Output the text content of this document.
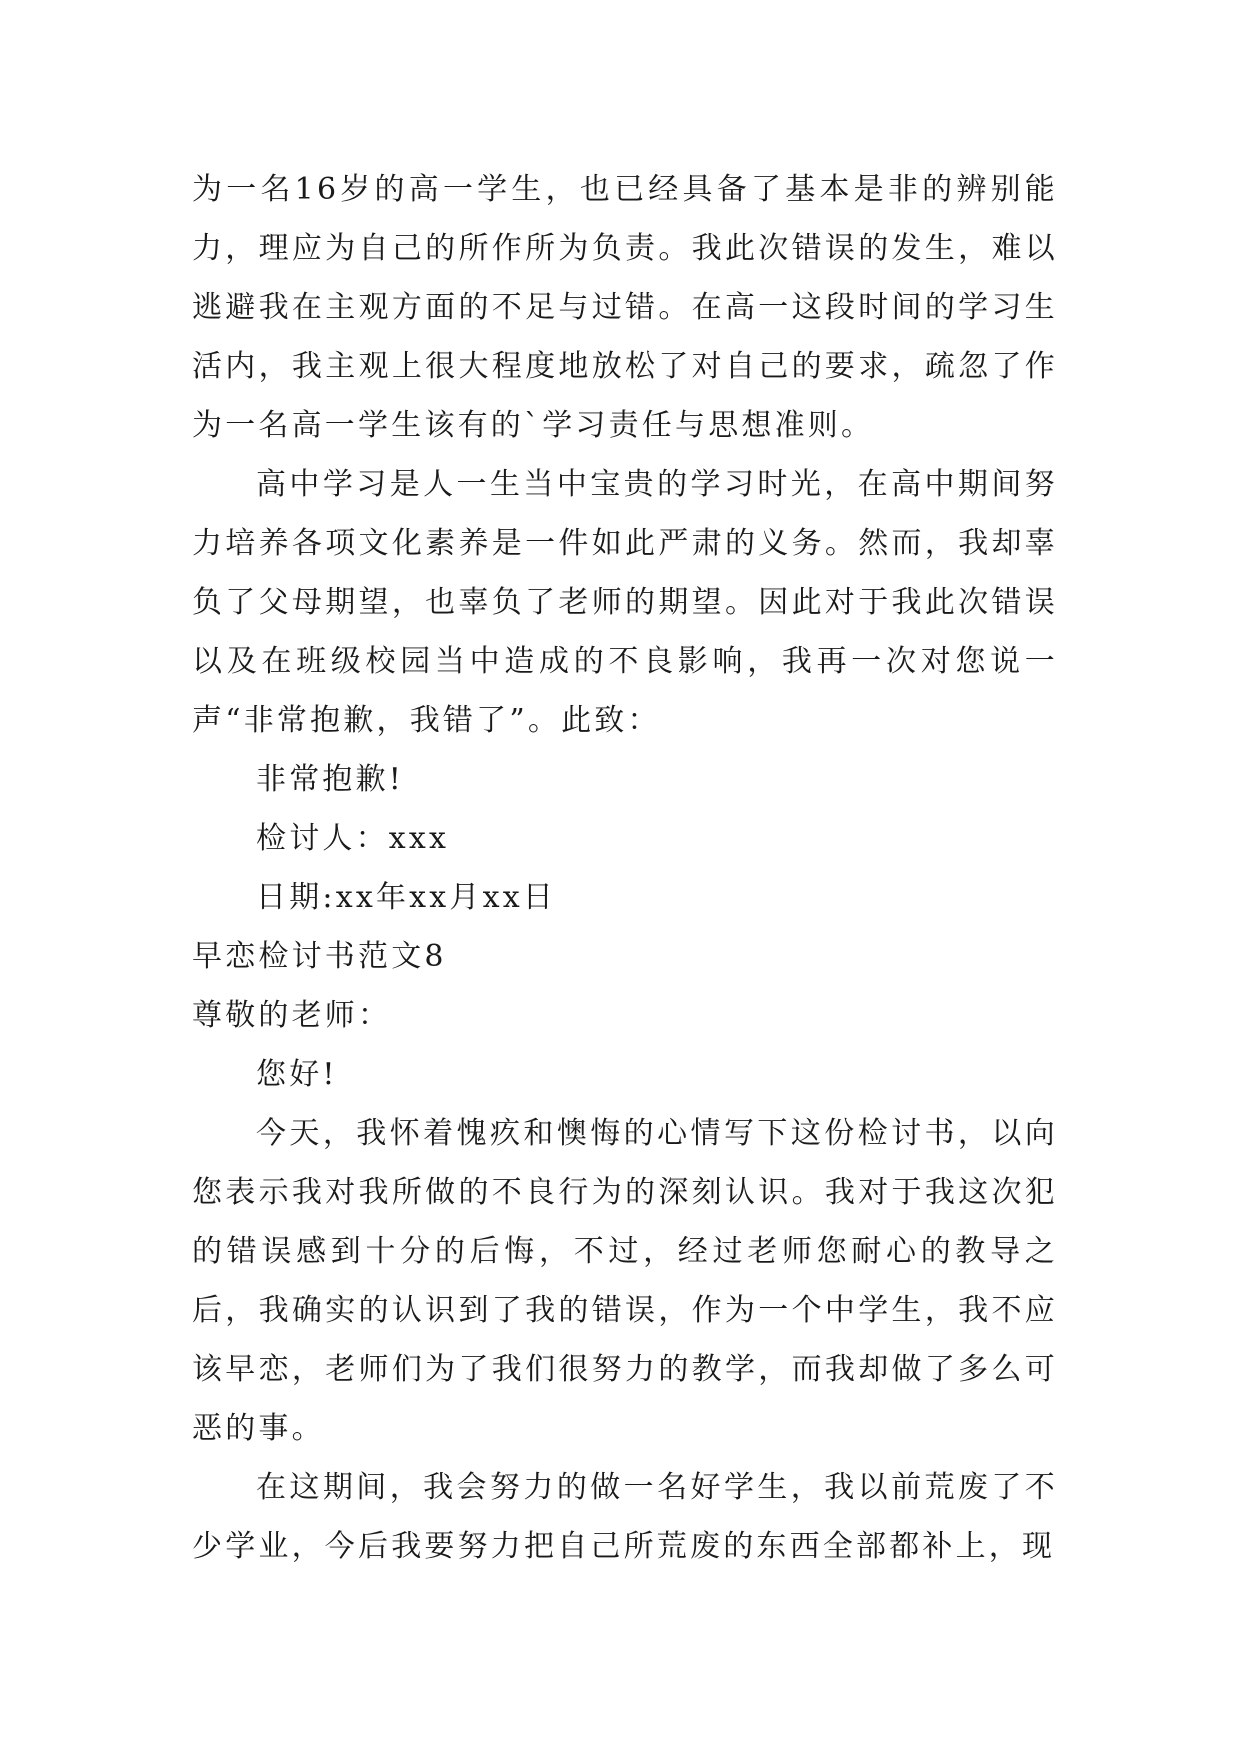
为一名16岁的高一学生，也已经具备了基本是非的辨别能力，理应为自己的所作所为负责。我此次错误的发生，难以逃避我在主观方面的不足与过错。在高一这段时间的学习生活内，我主观上很大程度地放松了对自己的要求，疏忽了作为一名高一学生该有的`学习责任与思想准则。

高中学习是人一生当中宝贵的学习时光，在高中期间努力培养各项文化素养是一件如此严肃的义务。然而，我却辜负了父母期望，也辜负了老师的期望。因此对于我此次错误以及在班级校园当中造成的不良影响，我再一次对您说一声“非常抱歉，我错了”。此致：

非常抱歉!

检讨人：xxx

日期:xx年xx月xx日

早恋检讨书范文8

尊敬的老师：

您好!

今天，我怀着愧疚和懊悔的心情写下这份检讨书，以向您表示我对我所做的不良行为的深刻认识。我对于我这次犯的错误感到十分的后悔，不过，经过老师您耐心的教导之后，我确实的认识到了我的错误，作为一个中学生，我不应该早恋，老师们为了我们很努力的教学，而我却做了多么可恶的事。

在这期间，我会努力的做一名好学生，我以前荒废了不少学业，今后我要努力把自己所荒废的东西全部都补上，现
